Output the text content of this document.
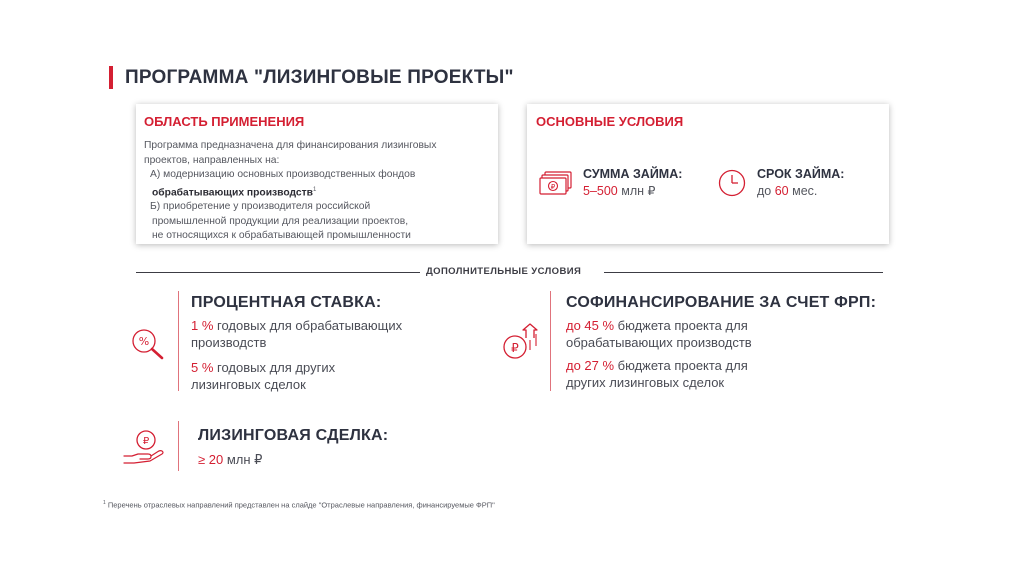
ПРОГРАММА "ЛИЗИНГОВЫЕ ПРОЕКТЫ"
ОБЛАСТЬ ПРИМЕНЕНИЯ
Программа предназначена для финансирования лизинговых
проектов, направленных на:
А) модернизацию основных производственных фондов
обрабатывающих производств$^1$
Б) приобретение у производителя российской
промышленной продукции для реализации проектов,
не относящихся к обрабатывающей промышленности
ОСНОВНЫЕ УСЛОВИЯ
₽
СУММА ЗАЙМА:
5–500 млн ₽
СРОК ЗАЙМА:
до 60 мес.
ДОПОЛНИТЕЛЬНЫЕ УСЛОВИЯ
%
ПРОЦЕНТНАЯ СТАВКА:
1 % годовых для обрабатывающих
производств
5 % годовых для других
лизинговых сделок
₽
СОФИНАНСИРОВАНИЕ ЗА СЧЕТ ФРП:
до 45 % бюджета проекта для
обрабатывающих производств
до 27 % бюджета проекта для
других лизинговых сделок
₽	ЛИЗИНГОВАЯ СДЕЛКА:
≥ 20 млн ₽
$^1$ Перечень отраслевых направлений представлен на слайде "Отраслевые направления, финансируемые ФРП"
